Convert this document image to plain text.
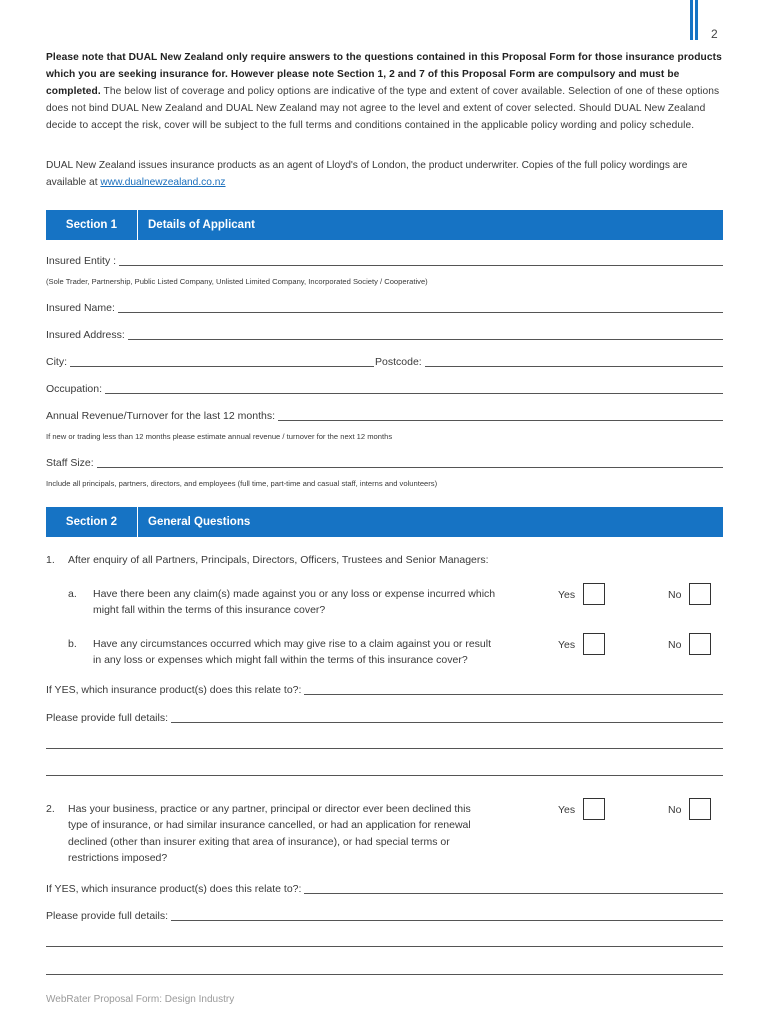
2
Please note that DUAL New Zealand only require answers to the questions contained in this Proposal Form for those insurance products which you are seeking insurance for. However please note Section 1, 2 and 7 of this Proposal Form are compulsory and must be completed. The below list of coverage and policy options are indicative of the type and extent of cover available. Selection of one of these options does not bind DUAL New Zealand and DUAL New Zealand may not agree to the level and extent of cover selected. Should DUAL New Zealand decide to accept the risk, cover will be subject to the full terms and conditions contained in the applicable policy wording and policy schedule.
DUAL New Zealand issues insurance products as an agent of Lloyd's of London, the product underwriter. Copies of the full policy wordings are available at www.dualnewzealand.co.nz
Section 1	Details of Applicant
Insured Entity :
(Sole Trader, Partnership, Public Listed Company, Unlisted Limited Company, Incorporated Society / Cooperative)
Insured Name:
Insured Address:
City:	Postcode:
Occupation:
Annual Revenue/Turnover for the last 12 months:
If new or trading less than 12 months please estimate annual revenue / turnover for the next 12 months
Staff Size:
Include all principals, partners, directors, and employees (full time, part-time and casual staff, interns and volunteers)
Section 2	General Questions
1. After enquiry of all Partners, Principals, Directors, Officers, Trustees and Senior Managers:
a. Have there been any claim(s) made against you or any loss or expense incurred which
might fall within the terms of this insurance cover?
Yes	No
b. Have any circumstances occurred which may give rise to a claim against you or result
in any loss or expenses which might fall within the terms of this insurance cover?
Yes	No
If YES, which insurance product(s) does this relate to?:
Please provide full details:
2. Has your business, practice or any partner, principal or director ever been declined this
type of insurance, or had similar insurance cancelled, or had an application for renewal
declined (other than insurer exiting that area of insurance), or had special terms or
restrictions imposed?
Yes	No
If YES, which insurance product(s) does this relate to?:
Please provide full details:
WebRater Proposal Form: Design Industry
